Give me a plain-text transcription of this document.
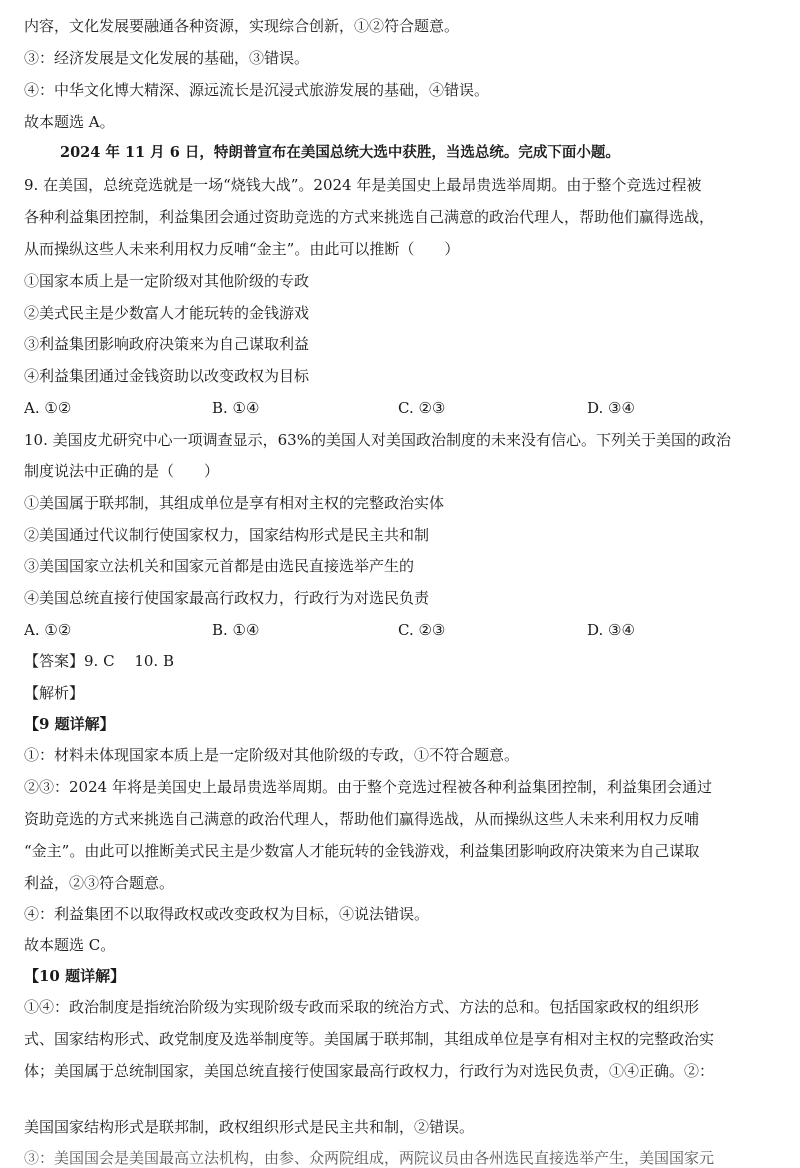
内容，文化发展要融通各种资源，实现综合创新，①②符合题意。
③：经济发展是文化发展的基础，③错误。
④：中华文化博大精深、源远流长是沉浸式旅游发展的基础，④错误。
故本题选 A。
2024 年 11 月 6 日，特朗普宣布在美国总统大选中获胜，当选总统。完成下面小题。
9. 在美国，总统竞选就是一场“烧钱大战”。2024 年是美国史上最昂贵选举周期。由于整个竞选过程被
各种利益集团控制，利益集团会通过资助竞选的方式来挑选自己满意的政治代理人，帮助他们赢得选战，
从而操纵这些人未来利用权力反哺“金主”。由此可以推断（　　）
①国家本质上是一定阶级对其他阶级的专政
②美式民主是少数富人才能玩转的金钱游戏
③利益集团影响政府决策来为自己谋取利益
④利益集团通过金钱资助以改变政权为目标
A. ①②	B. ①④	C. ②③	D. ③④
10. 美国皮尤研究中心一项调查显示，63%的美国人对美国政治制度的未来没有信心。下列关于美国的政治
制度说法中正确的是（　　）
①美国属于联邦制，其组成单位是享有相对主权的完整政治实体
②美国通过代议制行使国家权力，国家结构形式是民主共和制
③美国国家立法机关和国家元首都是由选民直接选举产生的
④美国总统直接行使国家最高行政权力，行政行为对选民负责
A. ①②	B. ①④	C. ②③	D. ③④
【答案】9. C　 10. B
【解析】
【9 题详解】
①：材料未体现国家本质上是一定阶级对其他阶级的专政，①不符合题意。
②③：2024 年将是美国史上最昂贵选举周期。由于整个竞选过程被各种利益集团控制，利益集团会通过
资助竞选的方式来挑选自己满意的政治代理人，帮助他们赢得选战，从而操纵这些人未来利用权力反哺
“金主”。由此可以推断美式民主是少数富人才能玩转的金钱游戏，利益集团影响政府决策来为自己谋取
利益，②③符合题意。
④：利益集团不以取得政权或改变政权为目标，④说法错误。
故本题选 C。
【10 题详解】
①④：政治制度是指统治阶级为实现阶级专政而采取的统治方式、方法的总和。包括国家政权的组织形
式、国家结构形式、政党制度及选举制度等。美国属于联邦制，其组成单位是享有相对主权的完整政治实
体；美国属于总统制国家，美国总统直接行使国家最高行政权力，行政行为对选民负责，①④正确。②：
美国国家结构形式是联邦制，政权组织形式是民主共和制，②错误。
③：美国国会是美国最高立法机构，由参、众两院组成，两院议员由各州选民直接选举产生，美国国家元
